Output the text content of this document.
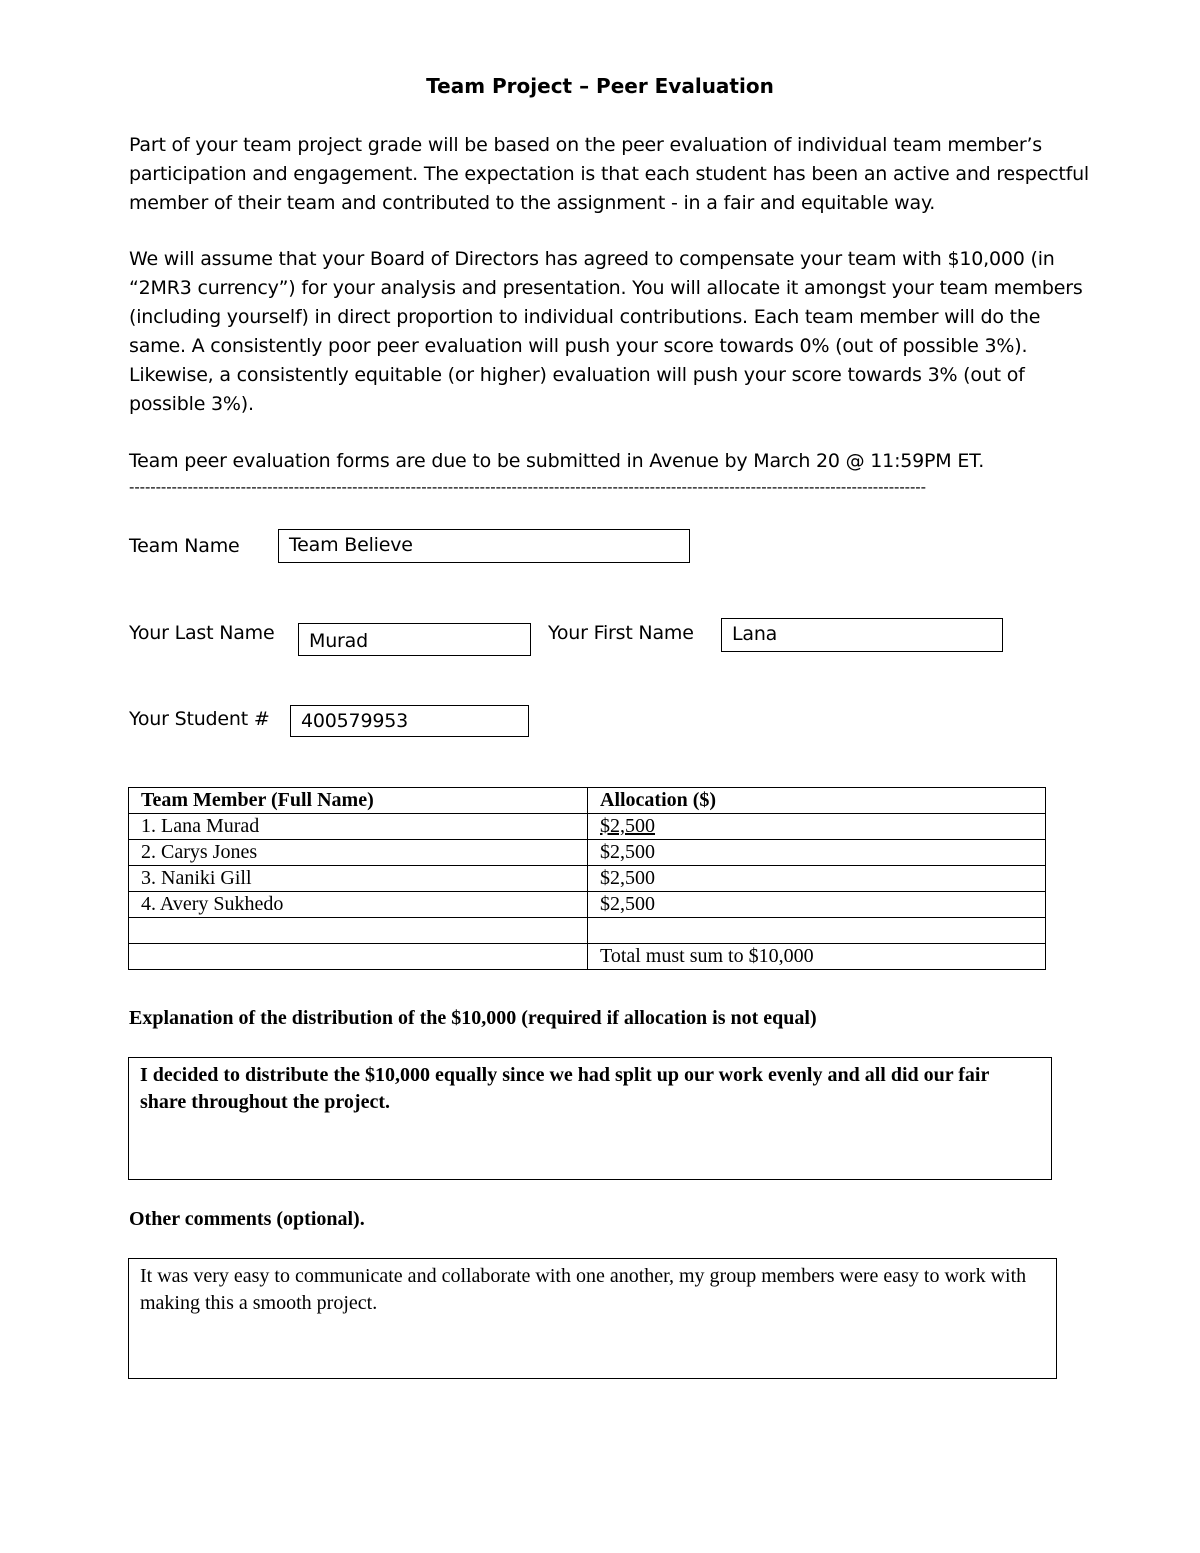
Team Project – Peer Evaluation

Part of your team project grade will be based on the peer evaluation of individual team member’s participation and engagement. The expectation is that each student has been an active and respectful member of their team and contributed to the assignment - in a fair and equitable way.

We will assume that your Board of Directors has agreed to compensate your team with $10,000 (in “2MR3 currency”) for your analysis and presentation. You will allocate it amongst your team members (including yourself) in direct proportion to individual contributions. Each team member will do the same. A consistently poor peer evaluation will push your score towards 0% (out of possible 3%). Likewise, a consistently equitable (or higher) evaluation will push your score towards 3% (out of possible 3%).

Team peer evaluation forms are due to be submitted in Avenue by March 20 @ 11:59PM ET.

------------------------------------------------------------------------------------------------------------------------------------------------------
Team Name	Team Believe
Your Last Name	Murad	Your First Name	Lana
Your Student #	400579953
Team Member (Full Name)	Allocation ($)
1. Lana Murad	$2,500
2. Carys Jones	$2,500
3. Naniki Gill	$2,500
4. Avery Sukhedo	$2,500

	Total must sum to $10,000
Explanation of the distribution of the $10,000 (required if allocation is not equal)
I decided to distribute the $10,000 equally since we had split up our work evenly and all did our fair share throughout the project.
Other comments (optional).
It was very easy to communicate and collaborate with one another, my group members were easy to work with making this a smooth project.
